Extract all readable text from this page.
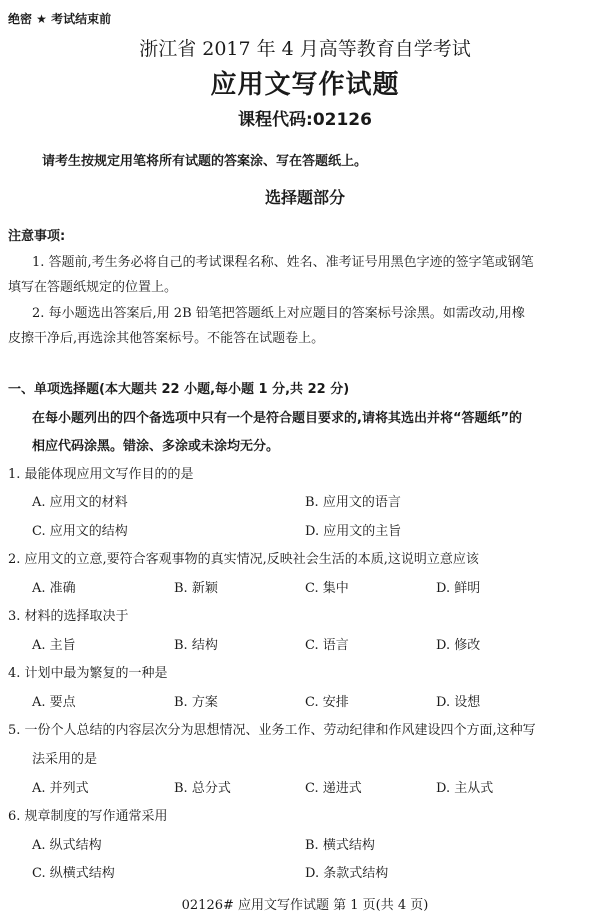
绝密 ★ 考试结束前
浙江省 2017 年 4 月高等教育自学考试
应用文写作试题
课程代码:02126
请考生按规定用笔将所有试题的答案涂、写在答题纸上。
选择题部分
注意事项:
1. 答题前,考生务必将自己的考试课程名称、姓名、准考证号用黑色字迹的签字笔或钢笔
填写在答题纸规定的位置上。
2. 每小题选出答案后,用 2B 铅笔把答题纸上对应题目的答案标号涂黑。如需改动,用橡
皮擦干净后,再选涂其他答案标号。不能答在试题卷上。
一、单项选择题(本大题共 22 小题,每小题 1 分,共 22 分)
在每小题列出的四个备选项中只有一个是符合题目要求的,请将其选出并将“答题纸”的
相应代码涂黑。错涂、多涂或未涂均无分。
1. 最能体现应用文写作目的的是
A. 应用文的材料	B. 应用文的语言
C. 应用文的结构	D. 应用文的主旨
2. 应用文的立意,要符合客观事物的真实情况,反映社会生活的本质,这说明立意应该
A. 准确	B. 新颖	C. 集中	D. 鲜明
3. 材料的选择取决于
A. 主旨	B. 结构	C. 语言	D. 修改
4. 计划中最为繁复的一种是
A. 要点	B. 方案	C. 安排	D. 设想
5. 一份个人总结的内容层次分为思想情况、业务工作、劳动纪律和作风建设四个方面,这种写
法采用的是
A. 并列式	B. 总分式	C. 递进式	D. 主从式
6. 规章制度的写作通常采用
A. 纵式结构	B. 横式结构
C. 纵横式结构	D. 条款式结构
02126# 应用文写作试题 第 1 页(共 4 页)
